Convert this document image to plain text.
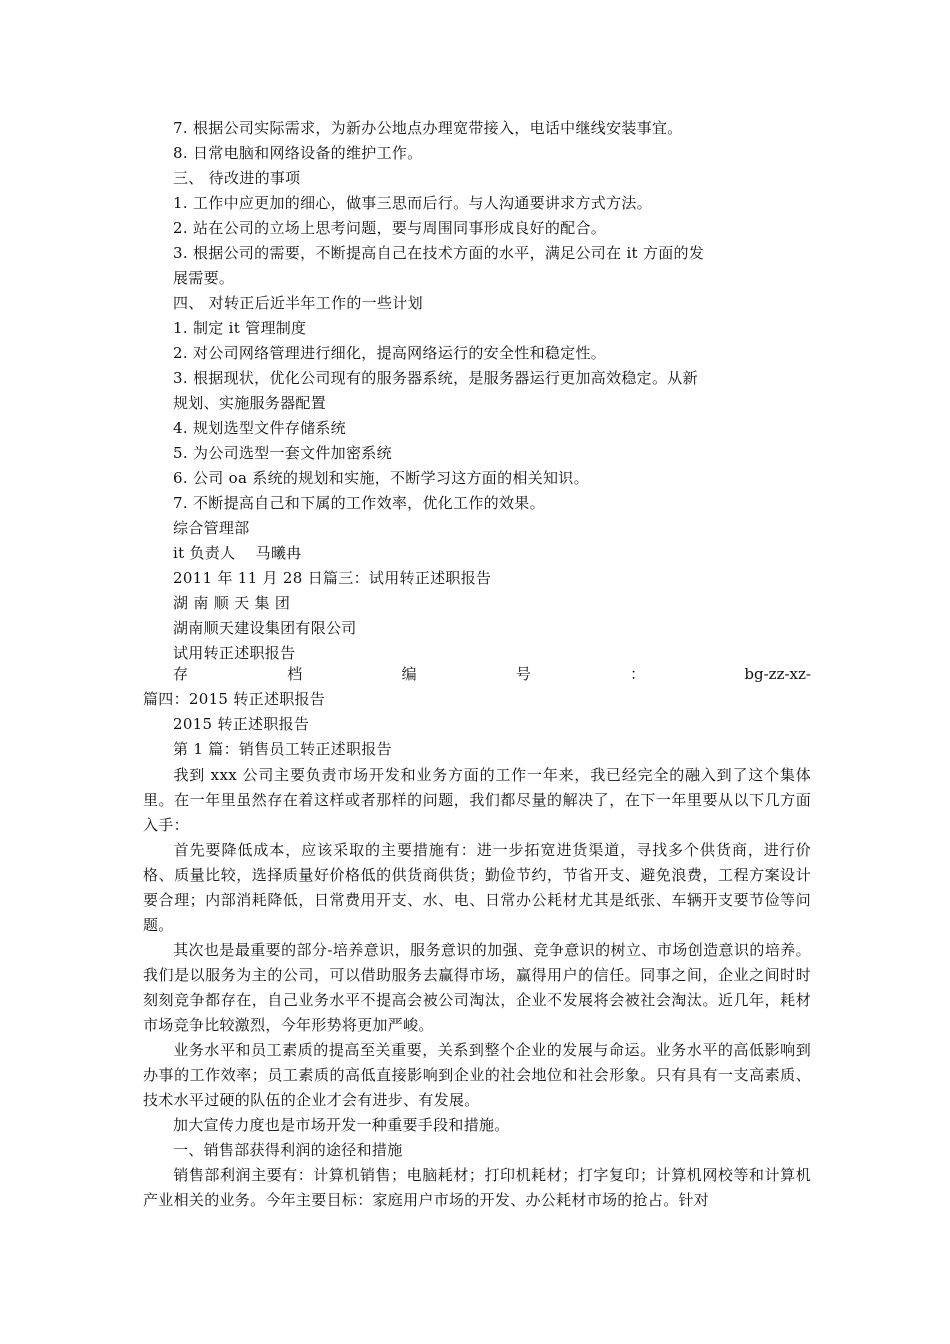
7. 根据公司实际需求，为新办公地点办理宽带接入，电话中继线安装事宜。
8. 日常电脑和网络设备的维护工作。
三、 待改进的事项
1. 工作中应更加的细心，做事三思而后行。与人沟通要讲求方式方法。
2. 站在公司的立场上思考问题，要与周围同事形成良好的配合。
3. 根据公司的需要，不断提高自己在技术方面的水平，满足公司在 it 方面的发
展需要。
四、 对转正后近半年工作的一些计划
1. 制定 it 管理制度
2. 对公司网络管理进行细化，提高网络运行的安全性和稳定性。
3. 根据现状，优化公司现有的服务器系统，是服务器运行更加高效稳定。从新
规划、实施服务器配置
4. 规划选型文件存储系统
5. 为公司选型一套文件加密系统
6. 公司 oa 系统的规划和实施，不断学习这方面的相关知识。
7. 不断提高自己和下属的工作效率，优化工作的效果。
综合管理部
it 负责人    马曦冉
2011 年 11 月 28 日篇三：试用转正述职报告
湖 南 顺 天 集 团
湖南顺天建设集团有限公司
试用转正述职报告
存	档	编	号	：	bg-zz-xz-
篇四：2015 转正述职报告
2015 转正述职报告
第 1 篇：销售员工转正述职报告
我到 xxx 公司主要负责市场开发和业务方面的工作一年来，我已经完全的融入到了这个集体里。在一年里虽然存在着这样或者那样的问题，我们都尽量的解决了，在下一年里要从以下几方面入手：
首先要降低成本，应该采取的主要措施有：进一步拓宽进货渠道，寻找多个供货商，进行价格、质量比较，选择质量好价格低的供货商供货；勤俭节约，节省开支、避免浪费，工程方案设计要合理；内部消耗降低，日常费用开支、水、电、日常办公耗材尤其是纸张、车辆开支要节俭等问题。
其次也是最重要的部分-培养意识，服务意识的加强、竞争意识的树立、市场创造意识的培养。我们是以服务为主的公司，可以借助服务去赢得市场，赢得用户的信任。同事之间，企业之间时时刻刻竞争都存在，自己业务水平不提高会被公司淘汰，企业不发展将会被社会淘汰。近几年，耗材市场竞争比较激烈，今年形势将更加严峻。
业务水平和员工素质的提高至关重要，关系到整个企业的发展与命运。业务水平的高低影响到办事的工作效率；员工素质的高低直接影响到企业的社会地位和社会形象。只有具有一支高素质、技术水平过硬的队伍的企业才会有进步、有发展。
加大宣传力度也是市场开发一种重要手段和措施。
一、销售部获得利润的途径和措施
销售部利润主要有：计算机销售；电脑耗材；打印机耗材；打字复印；计算机网校等和计算机产业相关的业务。今年主要目标：家庭用户市场的开发、办公耗材市场的抢占。针对
